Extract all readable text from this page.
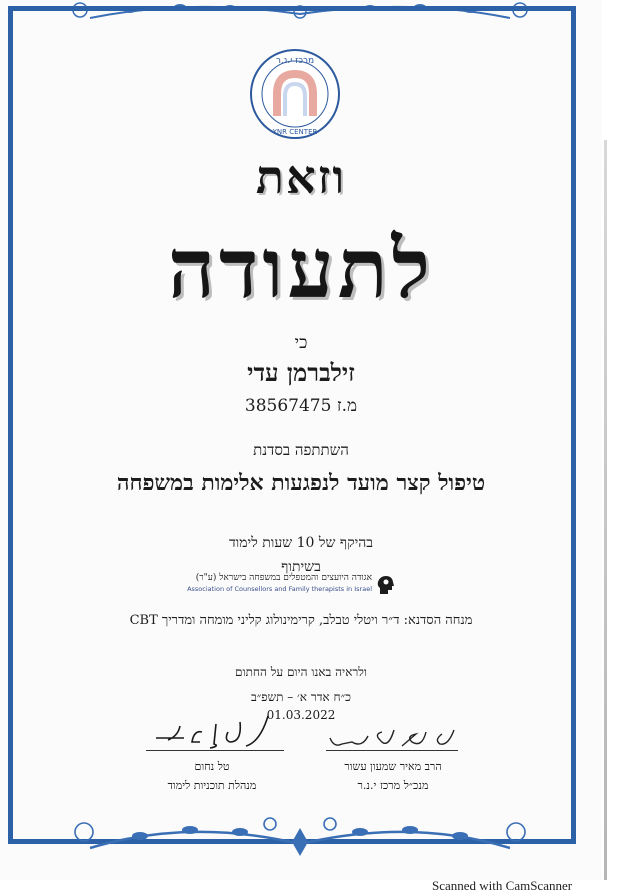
מרכז י.נ.ר
YNR CENTER
וזאת
לתעודה
כי
זילברמן עדי
מ.ז 38567475
השתתפה בסדנת
טיפול קצר מועד לנפגעות אלימות במשפחה
בהיקף של 10 שעות לימוד
בשיתוף
אגודה היועצים והמטפלים במשפחה בישראל (ע"ר)
Association of Counsellors and Family therapists in Israel
מנחה הסדנא: ד״ר ויטלי טבלב, קרימינולוג קליני מומחה ומדריך CBT
ולראיה באנו היום על החתום
כ״ח אדר א׳ – תשפ״ב
01.03.2022
טל נחום
מנהלת תוכניות לימוד
הרב מאיר שמעון עשור
מנכ״ל מרכז י.נ.ר
Scanned with CamScanner
